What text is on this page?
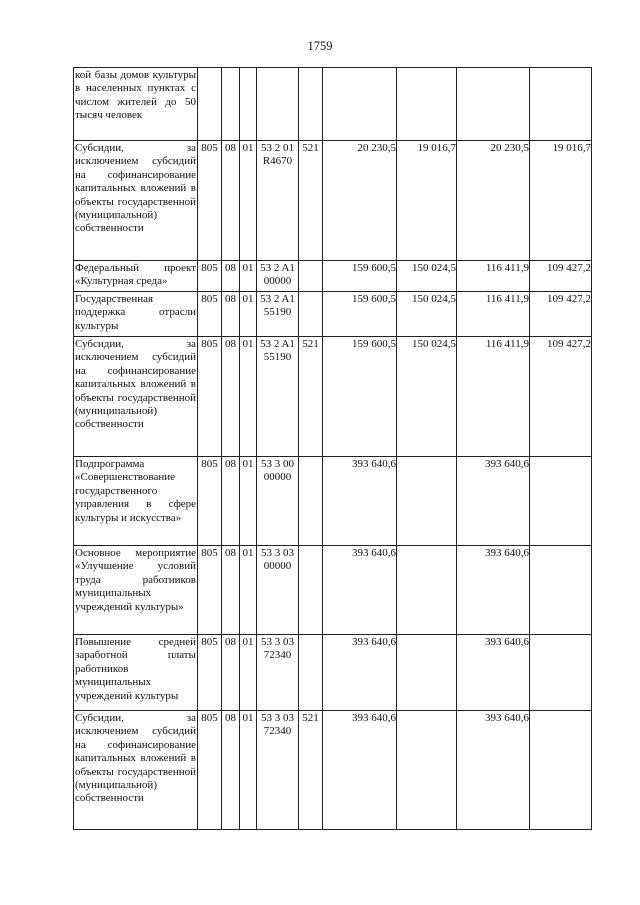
1759
кой базы домов культуры в населенных пунктах с числом жителей до 50 тысяч человек									
Субсидии, за исключением субсидий на софинансирование капитальных вложений в объекты государственной (муниципальной) собственности	805	08	01	53 2 01 R4670	521	20 230,5	19 016,7	20 230,5	19 016,7
Федеральный проект «Культурная среда»	805	08	01	53 2 A1 00000		159 600,5	150 024,5	116 411,9	109 427,2
Государственная поддержка отрасли культуры	805	08	01	53 2 A1 55190		159 600,5	150 024,5	116 411,9	109 427,2
Субсидии, за исключением субсидий на софинансирование капитальных вложений в объекты государственной (муниципальной) собственности	805	08	01	53 2 A1 55190	521	159 600,5	150 024,5	116 411,9	109 427,2
Подпрограмма «Совершенствование государственного управления в сфере культуры и искусства»	805	08	01	53 3 00 00000		393 640,6		393 640,6	
Основное мероприятие «Улучшение условий труда работников муниципальных учреждений культуры»	805	08	01	53 3 03 00000		393 640,6		393 640,6	
Повышение средней заработной платы работников муниципальных учреждений культуры	805	08	01	53 3 03 72340		393 640,6		393 640,6	
Субсидии, за исключением субсидий на софинансирование капитальных вложений в объекты государственной (муниципальной) собственности	805	08	01	53 3 03 72340	521	393 640,6		393 640,6	
